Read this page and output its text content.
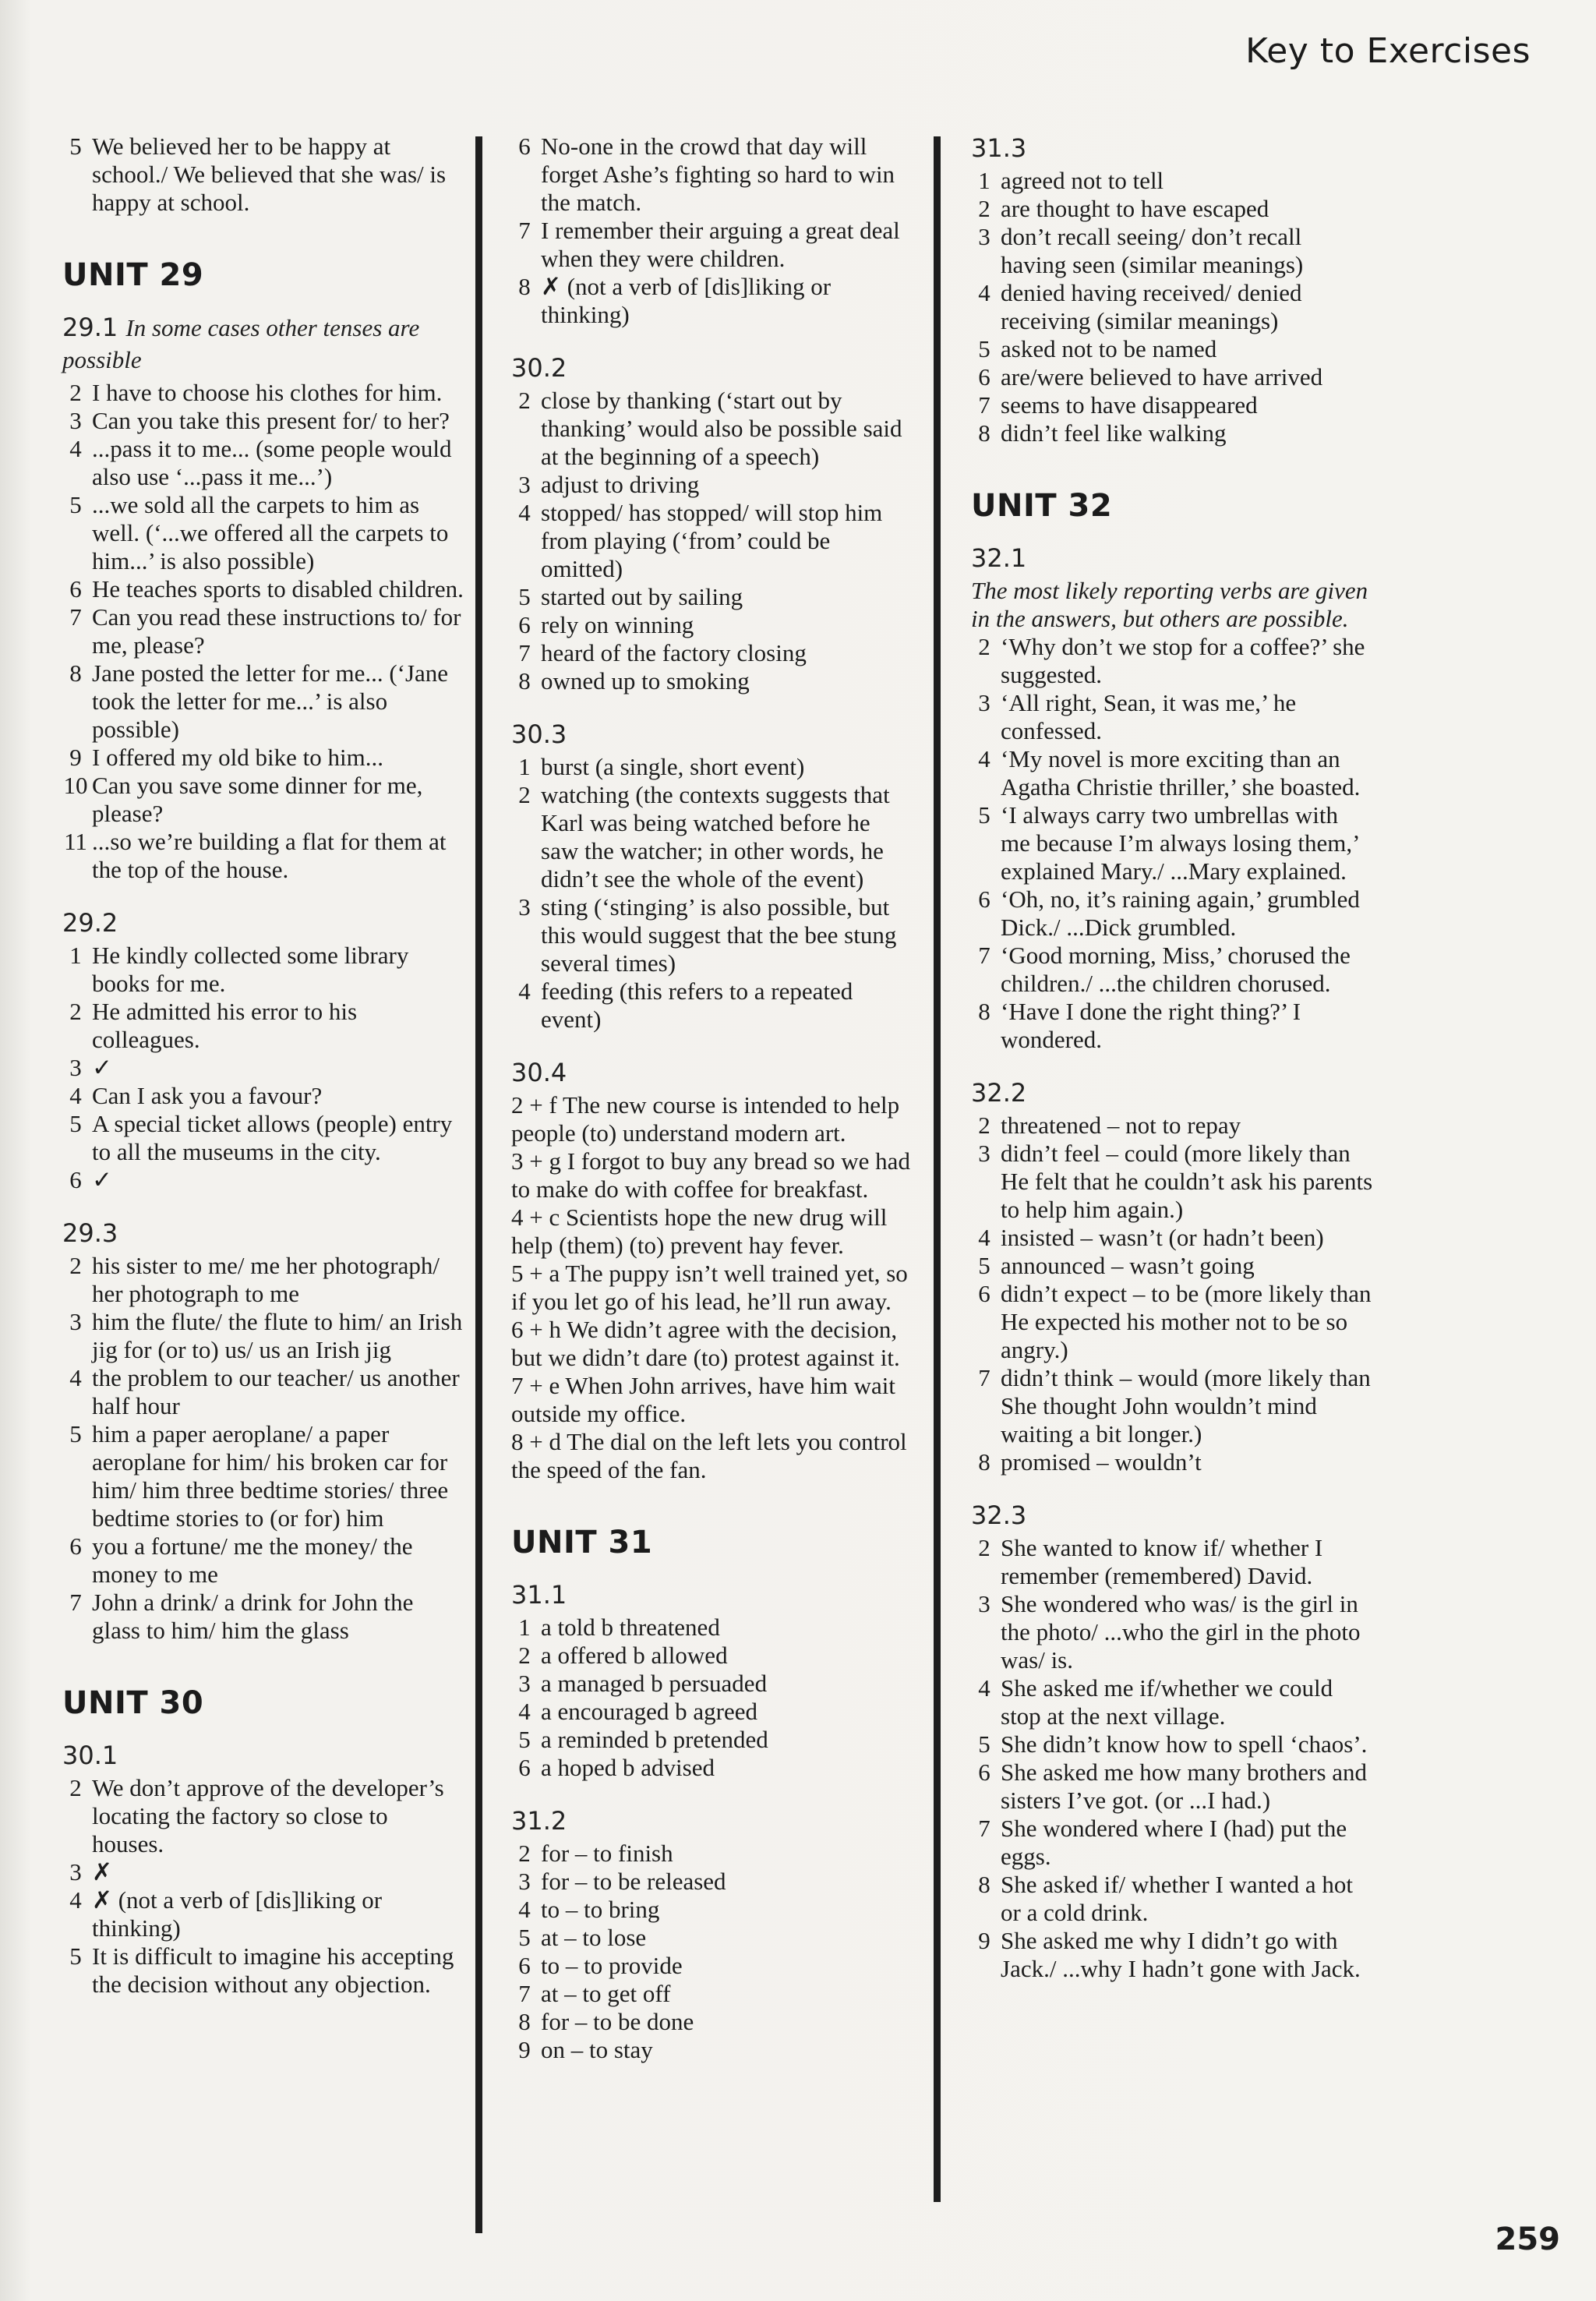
Key to Exercises
5 We believed her to be happy at school./ We believed that she was/ is happy at school.
UNIT 29
29.1 In some cases other tenses are possible
2 I have to choose his clothes for him.
3 Can you take this present for/ to her?
4 ...pass it to me... (some people would also use ‘...pass it me...’)
5 ...we sold all the carpets to him as well. (‘...we offered all the carpets to him...’ is also possible)
6 He teaches sports to disabled children.
7 Can you read these instructions to/ for me, please?
8 Jane posted the letter for me... (‘Jane took the letter for me...’ is also possible)
9 I offered my old bike to him...
10 Can you save some dinner for me, please?
11 ...so we’re building a flat for them at the top of the house.
29.2
1 He kindly collected some library books for me.
2 He admitted his error to his colleagues.
3 ✓
4 Can I ask you a favour?
5 A special ticket allows (people) entry to all the museums in the city.
6 ✓
29.3
2 his sister to me/ me her photograph/ her photograph to me
3 him the flute/ the flute to him/ an Irish jig for (or to) us/ us an Irish jig
4 the problem to our teacher/ us another half hour
5 him a paper aeroplane/ a paper aeroplane for him/ his broken car for him/ him three bedtime stories/ three bedtime stories to (or for) him
6 you a fortune/ me the money/ the money to me
7 John a drink/ a drink for John the glass to him/ him the glass
UNIT 30
30.1
2 We don’t approve of the developer’s locating the factory so close to houses.
3 ✗
4 ✗ (not a verb of [dis]liking or thinking)
5 It is difficult to imagine his accepting the decision without any objection.
6 No-one in the crowd that day will forget Ashe’s fighting so hard to win the match.
7 I remember their arguing a great deal when they were children.
8 ✗ (not a verb of [dis]liking or thinking)
30.2
2 close by thanking (‘start out by thanking’ would also be possible said at the beginning of a speech)
3 adjust to driving
4 stopped/ has stopped/ will stop him from playing (‘from’ could be omitted)
5 started out by sailing
6 rely on winning
7 heard of the factory closing
8 owned up to smoking
30.3
1 burst (a single, short event)
2 watching (the contexts suggests that Karl was being watched before he saw the watcher; in other words, he didn’t see the whole of the event)
3 sting (‘stinging’ is also possible, but this would suggest that the bee stung several times)
4 feeding (this refers to a repeated event)
30.4
2 + f The new course is intended to help people (to) understand modern art.
3 + g I forgot to buy any bread so we had to make do with coffee for breakfast.
4 + c Scientists hope the new drug will help (them) (to) prevent hay fever.
5 + a The puppy isn’t well trained yet, so if you let go of his lead, he’ll run away.
6 + h We didn’t agree with the decision, but we didn’t dare (to) protest against it.
7 + e When John arrives, have him wait outside my office.
8 + d The dial on the left lets you control the speed of the fan.
UNIT 31
31.1
1 a told b threatened
2 a offered b allowed
3 a managed b persuaded
4 a encouraged b agreed
5 a reminded b pretended
6 a hoped b advised
31.2
2 for – to finish
3 for – to be released
4 to – to bring
5 at – to lose
6 to – to provide
7 at – to get off
8 for – to be done
9 on – to stay
31.3
1 agreed not to tell
2 are thought to have escaped
3 don’t recall seeing/ don’t recall having seen (similar meanings)
4 denied having received/ denied receiving (similar meanings)
5 asked not to be named
6 are/were believed to have arrived
7 seems to have disappeared
8 didn’t feel like walking
UNIT 32
32.1
The most likely reporting verbs are given in the answers, but others are possible.
2 ‘Why don’t we stop for a coffee?’ she suggested.
3 ‘All right, Sean, it was me,’ he confessed.
4 ‘My novel is more exciting than an Agatha Christie thriller,’ she boasted.
5 ‘I always carry two umbrellas with me because I’m always losing them,’ explained Mary./ ...Mary explained.
6 ‘Oh, no, it’s raining again,’ grumbled Dick./ ...Dick grumbled.
7 ‘Good morning, Miss,’ chorused the children./ ...the children chorused.
8 ‘Have I done the right thing?’ I wondered.
32.2
2 threatened – not to repay
3 didn’t feel – could (more likely than He felt that he couldn’t ask his parents to help him again.)
4 insisted – wasn’t (or hadn’t been)
5 announced – wasn’t going
6 didn’t expect – to be (more likely than He expected his mother not to be so angry.)
7 didn’t think – would (more likely than She thought John wouldn’t mind waiting a bit longer.)
8 promised – wouldn’t
32.3
2 She wanted to know if/ whether I remember (remembered) David.
3 She wondered who was/ is the girl in the photo/ ...who the girl in the photo was/ is.
4 She asked me if/whether we could stop at the next village.
5 She didn’t know how to spell ‘chaos’.
6 She asked me how many brothers and sisters I’ve got. (or ...I had.)
7 She wondered where I (had) put the eggs.
8 She asked if/ whether I wanted a hot or a cold drink.
9 She asked me why I didn’t go with Jack./ ...why I hadn’t gone with Jack.
259
